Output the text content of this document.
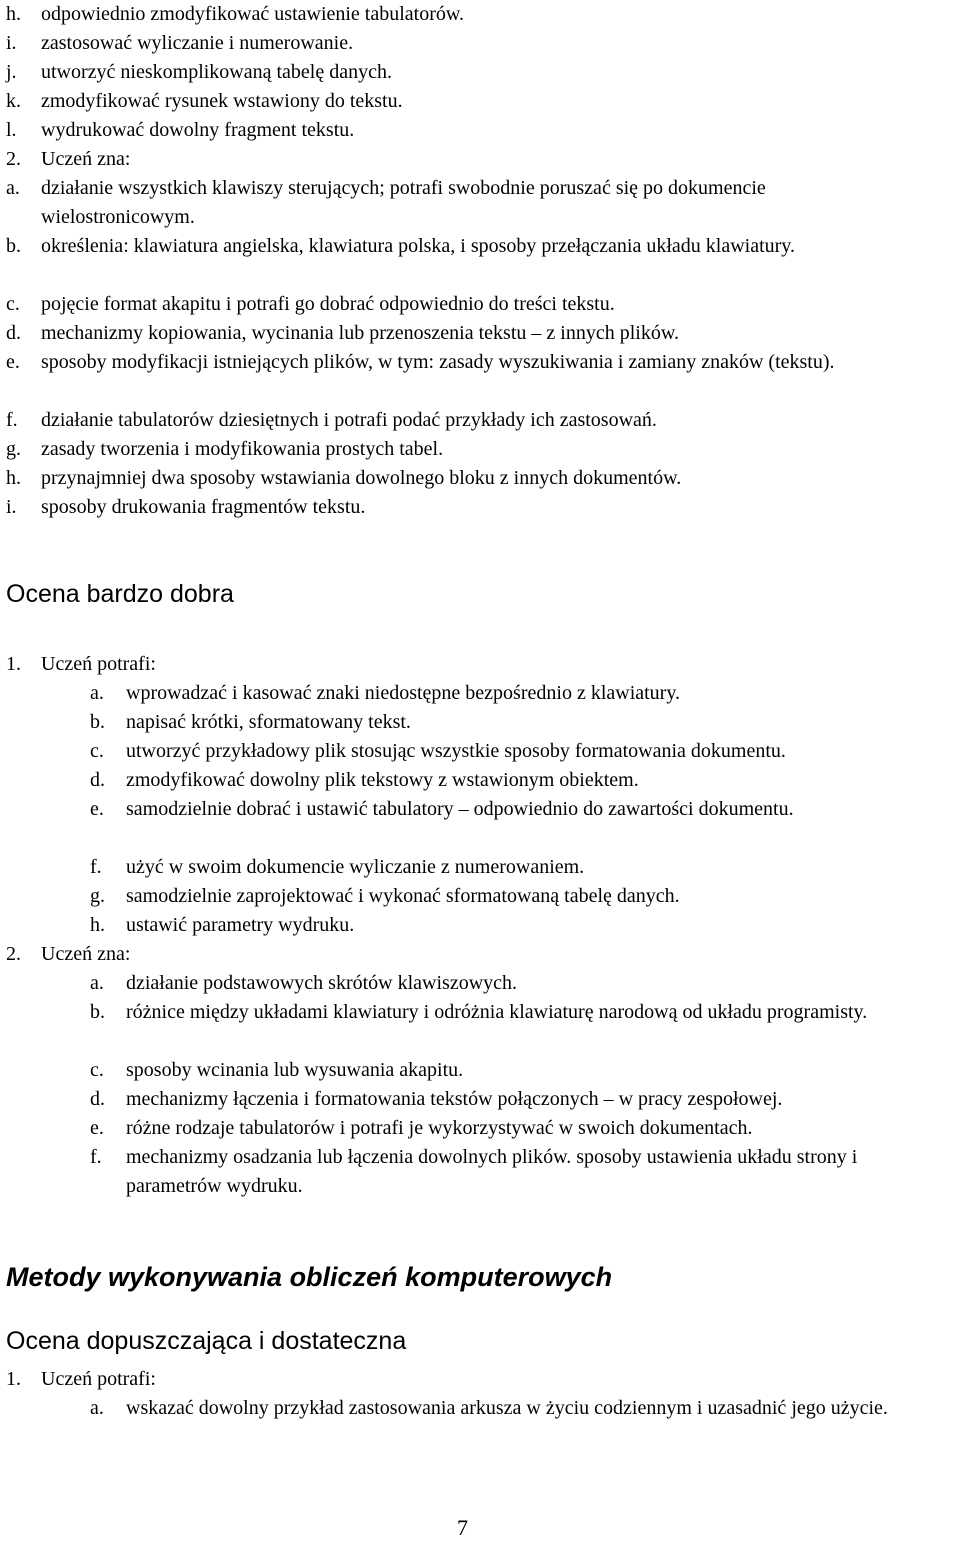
h. odpowiednio zmodyfikować ustawienie tabulatorów.
i. zastosować wyliczanie i numerowanie.
j. utworzyć nieskomplikowaną tabelę danych.
k. zmodyfikować rysunek wstawiony do tekstu.
l. wydrukować dowolny fragment tekstu.
2. Uczeń zna:
a. działanie wszystkich klawiszy sterujących; potrafi swobodnie poruszać się po dokumencie wielostronicowym.
b. określenia: klawiatura angielska, klawiatura polska, i sposoby przełączania układu klawiatury.
c. pojęcie format akapitu i potrafi go dobrać odpowiednio do treści tekstu.
d. mechanizmy kopiowania, wycinania lub przenoszenia tekstu – z innych plików.
e. sposoby modyfikacji istniejących plików, w tym: zasady wyszukiwania i zamiany znaków (tekstu).
f. działanie tabulatorów dziesiętnych i potrafi podać przykłady ich zastosowań.
g. zasady tworzenia i modyfikowania prostych tabel.
h. przynajmniej dwa sposoby wstawiania dowolnego bloku z innych dokumentów.
i. sposoby drukowania fragmentów tekstu.
Ocena bardzo dobra
1. Uczeń potrafi:
a. wprowadzać i kasować znaki niedostępne bezpośrednio z klawiatury.
b. napisać krótki, sformatowany tekst.
c. utworzyć przykładowy plik stosując wszystkie sposoby formatowania dokumentu.
d. zmodyfikować dowolny plik tekstowy z wstawionym obiektem.
e. samodzielnie dobrać i ustawić tabulatory – odpowiednio do zawartości dokumentu.
f. użyć w swoim dokumencie wyliczanie z numerowaniem.
g. samodzielnie zaprojektować i wykonać sformatowaną tabelę danych.
h. ustawić parametry wydruku.
2. Uczeń zna:
a. działanie podstawowych skrótów klawiszowych.
b. różnice między układami klawiatury i odróżnia klawiaturę narodową od układu programisty.
c. sposoby wcinania lub wysuwania akapitu.
d. mechanizmy łączenia i formatowania tekstów połączonych – w pracy zespołowej.
e. różne rodzaje tabulatorów i potrafi je wykorzystywać w swoich dokumentach.
f. mechanizmy osadzania lub łączenia dowolnych plików. sposoby ustawienia układu strony i parametrów wydruku.
Metody wykonywania obliczeń komputerowych
Ocena dopuszczająca i dostateczna
1. Uczeń potrafi:
a. wskazać dowolny przykład zastosowania arkusza w życiu codziennym i uzasadnić jego użycie.
7
